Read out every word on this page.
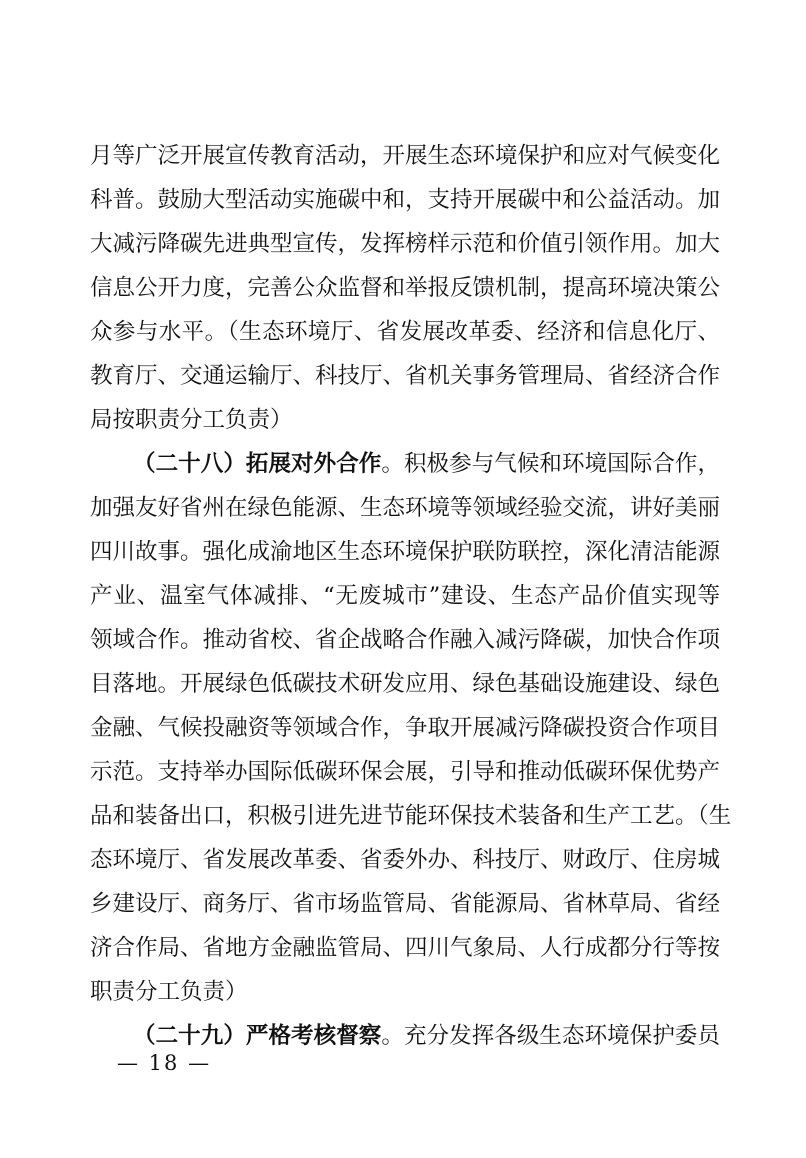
月等广泛开展宣传教育活动，开展生态环境保护和应对气候变化
科普。鼓励大型活动实施碳中和，支持开展碳中和公益活动。加
大减污降碳先进典型宣传，发挥榜样示范和价值引领作用。加大
信息公开力度，完善公众监督和举报反馈机制，提高环境决策公
众参与水平。（生态环境厅、省发展改革委、经济和信息化厅、
教育厅、交通运输厅、科技厅、省机关事务管理局、省经济合作
局按职责分工负责）
（二十八）拓展对外合作。积极参与气候和环境国际合作，
加强友好省州在绿色能源、生态环境等领域经验交流，讲好美丽
四川故事。强化成渝地区生态环境保护联防联控，深化清洁能源
产业、温室气体减排、“无废城市”建设、生态产品价值实现等
领域合作。推动省校、省企战略合作融入减污降碳，加快合作项
目落地。开展绿色低碳技术研发应用、绿色基础设施建设、绿色
金融、气候投融资等领域合作，争取开展减污降碳投资合作项目
示范。支持举办国际低碳环保会展，引导和推动低碳环保优势产
品和装备出口，积极引进先进节能环保技术装备和生产工艺。（生
态环境厅、省发展改革委、省委外办、科技厅、财政厅、住房城
乡建设厅、商务厅、省市场监管局、省能源局、省林草局、省经
济合作局、省地方金融监管局、四川气象局、人行成都分行等按
职责分工负责）
（二十九）严格考核督察。充分发挥各级生态环境保护委员
— 18 —
